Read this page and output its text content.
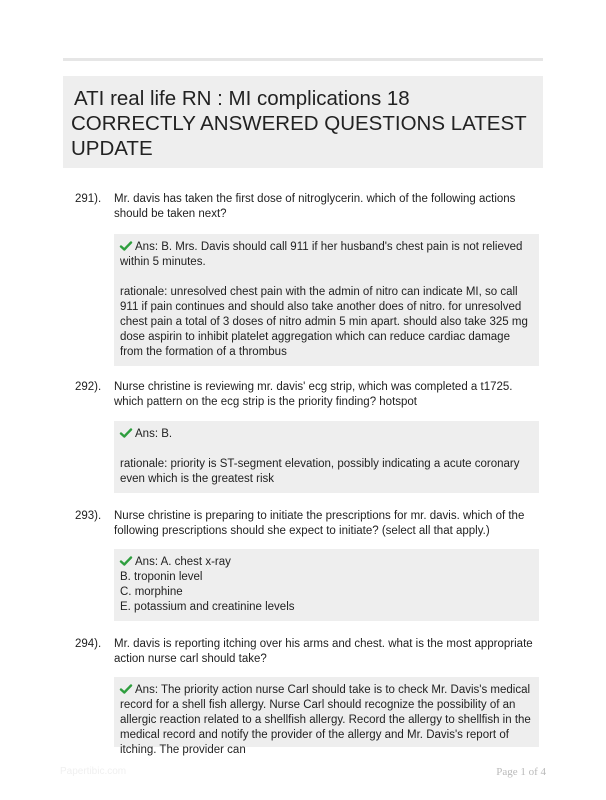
ATI real life RN : MI complications 18
CORRECTLY ANSWERED QUESTIONS LATEST
UPDATE
291). Mr. davis has taken the first dose of nitroglycerin. which of the following actions should be taken next?

Ans: B. Mrs. Davis should call 911 if her husband's chest pain is not relieved within 5 minutes.

rationale: unresolved chest pain with the admin of nitro can indicate MI, so call 911 if pain continues and should also take another does of nitro. for unresolved chest pain a total of 3 doses of nitro admin 5 min apart. should also take 325 mg dose aspirin to inhibit platelet aggregation which can reduce cardiac damage from the formation of a thrombus

292). Nurse christine is reviewing mr. davis' ecg strip, which was completed a t1725. which pattern on the ecg strip is the priority finding? hotspot

Ans: B.

rationale: priority is ST-segment elevation, possibly indicating a acute coronary even which is the greatest risk

293). Nurse christine is preparing to initiate the prescriptions for mr. davis. which of the following prescriptions should she expect to initiate? (select all that apply.)

Ans: A. chest x-ray

B. troponin level

C. morphine

E. potassium and creatinine levels

294). Mr. davis is reporting itching over his arms and chest. what is the most appropriate action nurse carl should take?

Ans: The priority action nurse Carl should take is to check Mr. Davis's medical record for a shell fish allergy. Nurse Carl should recognize the possibility of an allergic reaction related to a shellfish allergy. Record the allergy to shellfish in the medical record and notify the provider of the allergy and Mr. Davis's report of itching. The provider can

Papertibic.com	Page 1 of 4
